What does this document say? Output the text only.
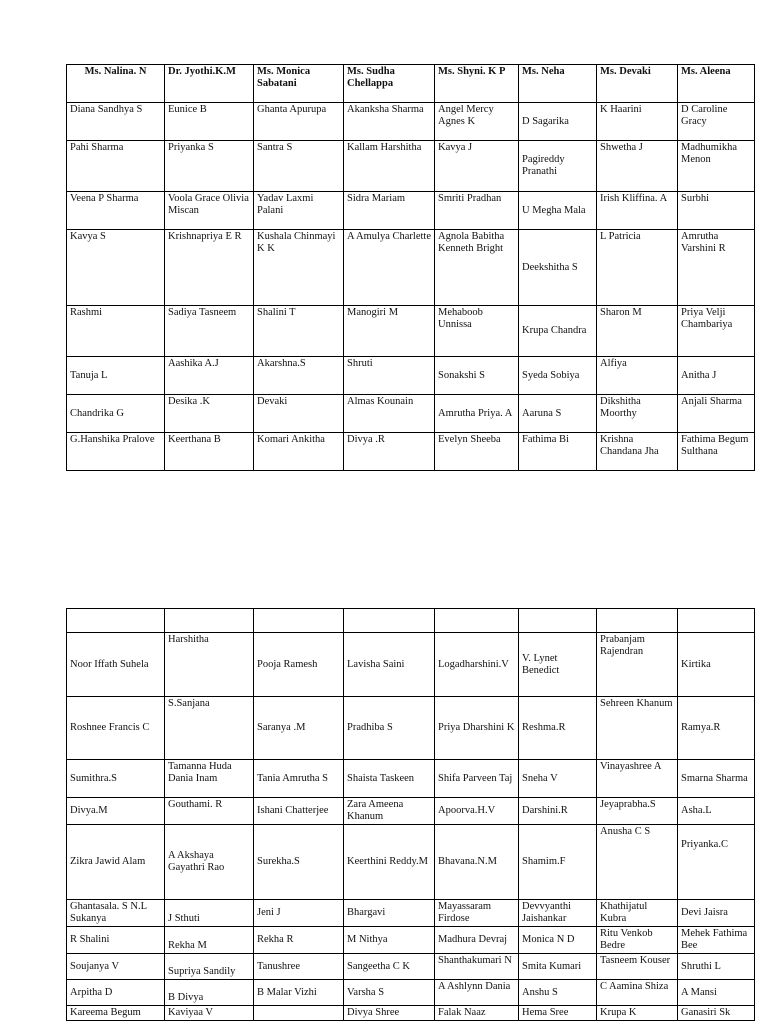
Ms. Nalina. N	Dr. Jyothi.K.M	Ms. Monica Sabatani	Ms. Sudha Chellappa	Ms. Shyni. K P	Ms. Neha	Ms. Devaki	Ms. Aleena
Diana Sandhya S	Eunice B	Ghanta Apurupa	Akanksha Sharma	Angel Mercy Agnes K	D Sagarika	K Haarini	D Caroline Gracy
Pahi Sharma	Priyanka S	Santra S	Kallam Harshitha	Kavya J	Pagireddy Pranathi	Shwetha J	Madhumikha Menon
Veena P Sharma	Voola Grace Olivia Miscan	Yadav Laxmi Palani	Sidra Mariam	Smriti Pradhan	U Megha Mala	Irish Kliffina. A	Surbhi
Kavya S	Krishnapriya E R	Kushala Chinmayi K K	A Amulya Charlette	Agnola Babitha Kenneth Bright	Deekshitha S	L Patricia	Amrutha Varshini R
Rashmi	Sadiya Tasneem	Shalini T	Manogiri M	Mehaboob Unnissa	Krupa Chandra	Sharon M	Priya Velji Chambariya
Tanuja L	Aashika A.J	Akarshna.S	Shruti	Sonakshi S	Syeda Sobiya	Alfiya	Anitha J
Chandrika G	Desika .K	Devaki	Almas Kounain	Amrutha Priya. A	Aaruna S	Dikshitha Moorthy	Anjali Sharma
G.Hanshika Pralove	Keerthana B	Komari Ankitha	Divya .R	Evelyn Sheeba	Fathima Bi	Krishna Chandana Jha	Fathima Begum Sulthana

Noor Iffath Suhela	Harshitha	Pooja Ramesh	Lavisha Saini	Logadharshini.V	V. Lynet Benedict	Prabanjam Rajendran	Kirtika
Roshnee Francis C	S.Sanjana	Saranya .M	Pradhiba S	Priya Dharshini K	Reshma.R	Sehreen Khanum	Ramya.R
Sumithra.S	Tamanna Huda Dania Inam	Tania Amrutha S	Shaista Taskeen	Shifa Parveen Taj	Sneha V	Vinayashree A	Smarna Sharma
Divya.M	Gouthami. R	Ishani Chatterjee	Zara Ameena Khanum	Apoorva.H.V	Darshini.R	Jeyaprabha.S	Asha.L
Zikra Jawid Alam	A Akshaya Gayathri Rao	Surekha.S	Keerthini Reddy.M	Bhavana.N.M	Shamim.F	Anusha C S	Priyanka.C
Ghantasala. S N.L Sukanya	J Sthuti	Jeni J	Bhargavi	Mayassaram Firdose	Devvyanthi Jaishankar	Khathijatul Kubra	Devi Jaisra
R Shalini	Rekha M	Rekha R	M Nithya	Madhura Devraj	Monica N D	Ritu Venkob Bedre	Mehek Fathima Bee
Soujanya V	Supriya Sandily	Tanushree	Sangeetha C K	Shanthakumari N	Smita Kumari	Tasneem Kouser	Shruthi L
Arpitha D	B Divya	B Malar Vizhi	Varsha S	A Ashlynn Dania	Anshu S	C Aamina Shiza	A Mansi
Kareema Begum	Kaviyaa V		Divya Shree	Falak Naaz	Hema Sree	Krupa K	Ganasiri Sk
